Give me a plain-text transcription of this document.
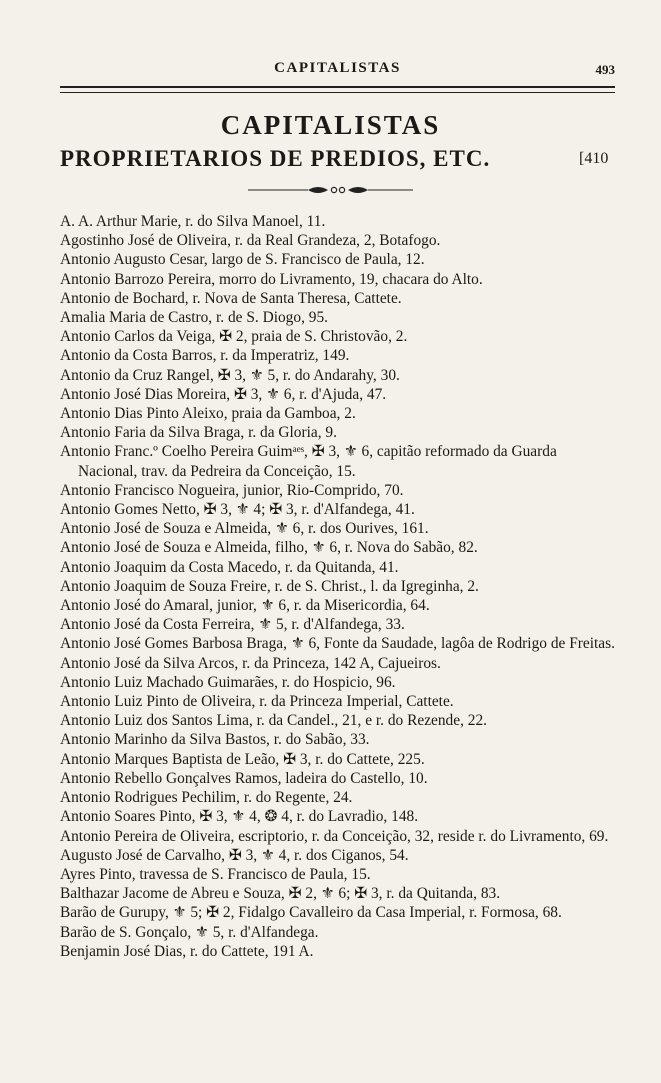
CAPITALISTAS	493
CAPITALISTAS
PROPRIETARIOS DE PREDIOS, ETC.	[410

A. A. Arthur Marie, r. do Silva Manoel, 11.

Agostinho José de Oliveira, r. da Real Grandeza, 2, Botafogo.

Antonio Augusto Cesar, largo de S. Francisco de Paula, 12.

Antonio Barrozo Pereira, morro do Livramento, 19, chacara do Alto.

Antonio de Bochard, r. Nova de Santa Theresa, Cattete.

Amalia Maria de Castro, r. de S. Diogo, 95.

Antonio Carlos da Veiga, ✠ 2, praia de S. Christovão, 2.

Antonio da Costa Barros, r. da Imperatriz, 149.

Antonio da Cruz Rangel, ✠ 3, ⚜ 5, r. do Andarahy, 30.

Antonio José Dias Moreira, ✠ 3, ⚜ 6, r. d'Ajuda, 47.

Antonio Dias Pinto Aleixo, praia da Gamboa, 2.

Antonio Faria da Silva Braga, r. da Gloria, 9.

Antonio Franc.º Coelho Pereira Guimᵃᵉˢ, ✠ 3, ⚜ 6, capitão reformado da Guarda Nacional, trav. da Pedreira da Conceição, 15.

Antonio Francisco Nogueira, junior, Rio-Comprido, 70.

Antonio Gomes Netto, ✠ 3, ⚜ 4; ✠ 3, r. d'Alfandega, 41.

Antonio José de Souza e Almeida, ⚜ 6, r. dos Ourives, 161.

Antonio José de Souza e Almeida, filho, ⚜ 6, r. Nova do Sabão, 82.

Antonio Joaquim da Costa Macedo, r. da Quitanda, 41.

Antonio Joaquim de Souza Freire, r. de S. Christ., l. da Igreginha, 2.

Antonio José do Amaral, junior, ⚜ 6, r. da Misericordia, 64.

Antonio José da Costa Ferreira, ⚜ 5, r. d'Alfandega, 33.

Antonio José Gomes Barbosa Braga, ⚜ 6, Fonte da Saudade, lagôa de Rodrigo de Freitas.

Antonio José da Silva Arcos, r. da Princeza, 142 A, Cajueiros.

Antonio Luiz Machado Guimarães, r. do Hospicio, 96.

Antonio Luiz Pinto de Oliveira, r. da Princeza Imperial, Cattete.

Antonio Luiz dos Santos Lima, r. da Candel., 21, e r. do Rezende, 22.

Antonio Marinho da Silva Bastos, r. do Sabão, 33.

Antonio Marques Baptista de Leão, ✠ 3, r. do Cattete, 225.

Antonio Rebello Gonçalves Ramos, ladeira do Castello, 10.

Antonio Rodrigues Pechilim, r. do Regente, 24.

Antonio Soares Pinto, ✠ 3, ⚜ 4, ❂ 4, r. do Lavradio, 148.

Antonio Pereira de Oliveira, escriptorio, r. da Conceição, 32, reside r. do Livramento, 69.

Augusto José de Carvalho, ✠ 3, ⚜ 4, r. dos Ciganos, 54.

Ayres Pinto, travessa de S. Francisco de Paula, 15.

Balthazar Jacome de Abreu e Souza, ✠ 2, ⚜ 6; ✠ 3, r. da Quitanda, 83.

Barão de Gurupy, ⚜ 5; ✠ 2, Fidalgo Cavalleiro da Casa Imperial, r. Formosa, 68.

Barão de S. Gonçalo, ⚜ 5, r. d'Alfandega.

Benjamin José Dias, r. do Cattete, 191 A.
